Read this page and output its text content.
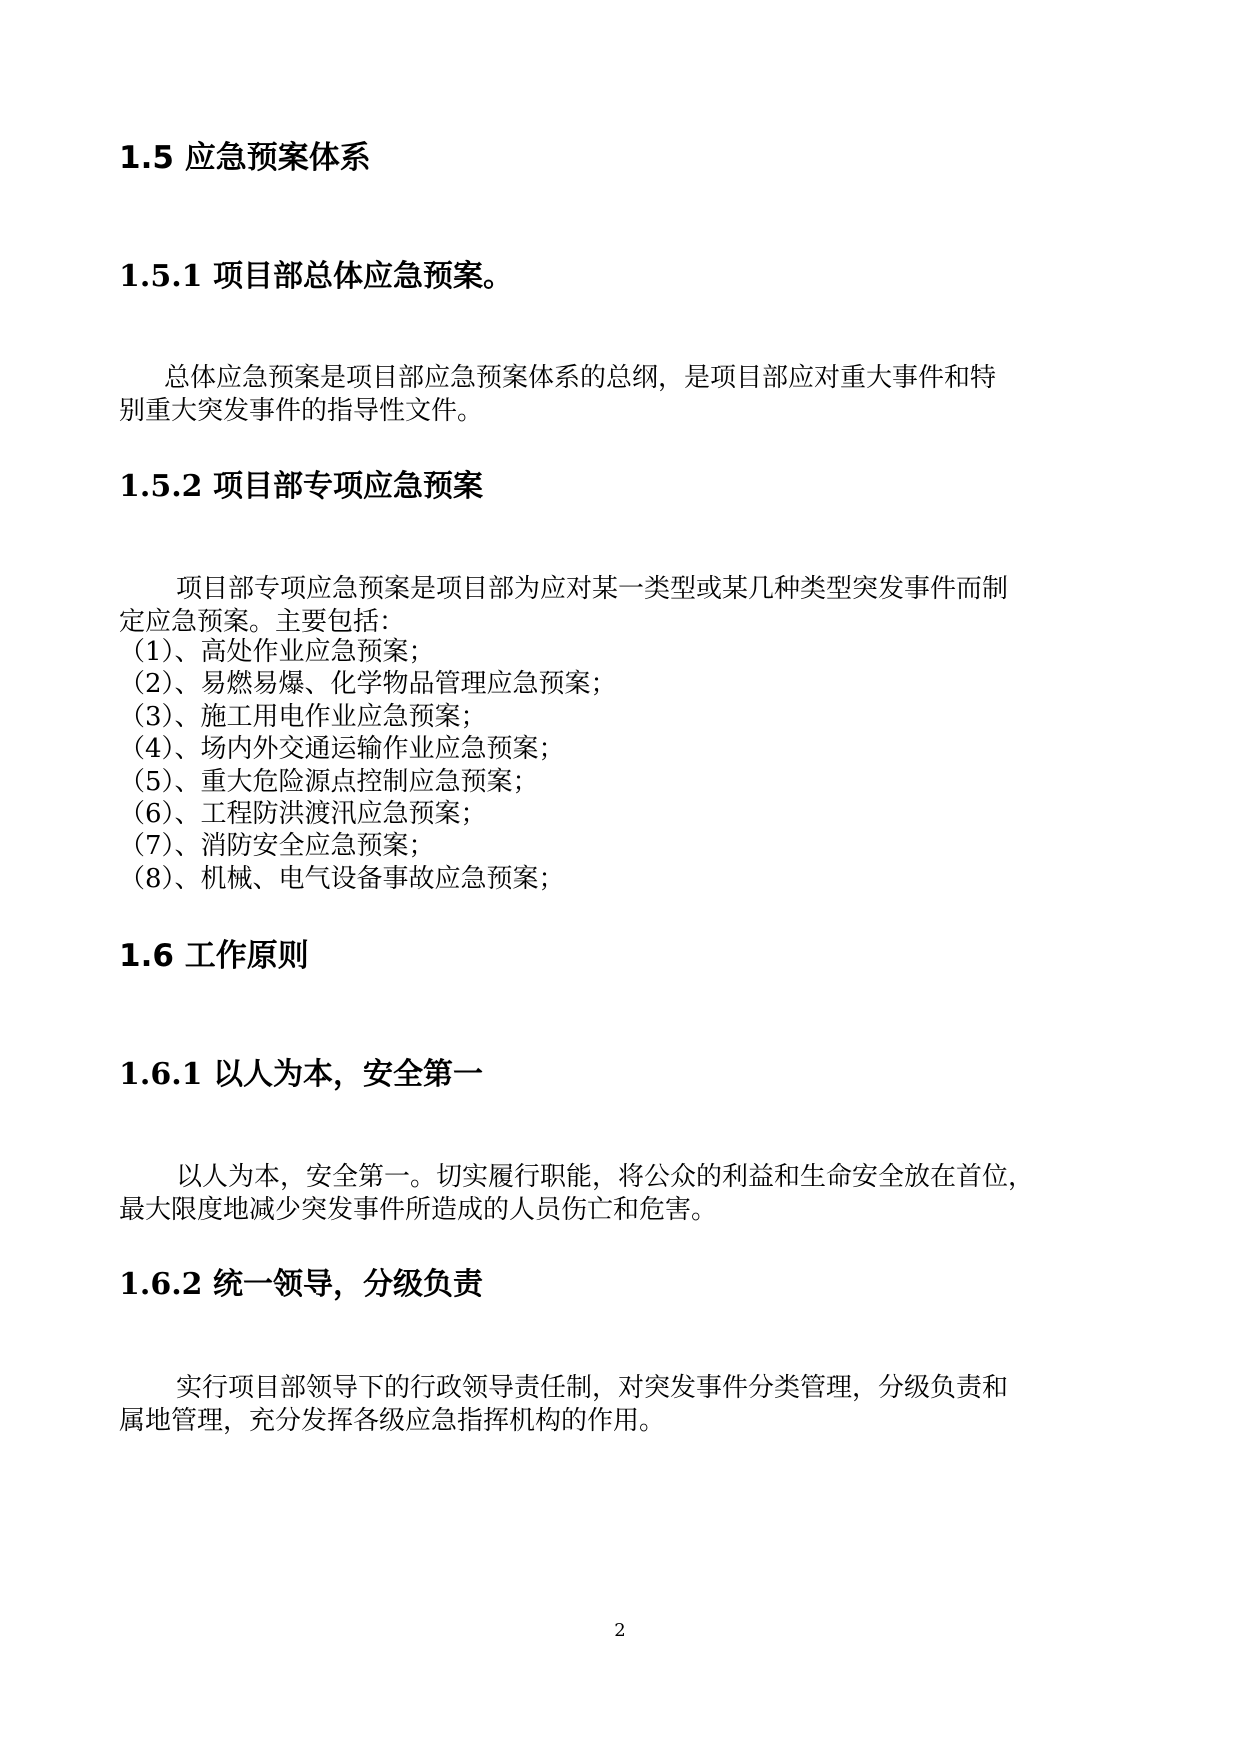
1.5 应急预案体系
1.5.1 项目部总体应急预案。

总体应急预案是项目部应急预案体系的总纲，是项目部应对重大事件和特
别重大突发事件的指导性文件。

1.5.2 项目部专项应急预案

项目部专项应急预案是项目部为应对某一类型或某几种类型突发事件而制
定应急预案。主要包括：

（1）、高处作业应急预案；
（2）、易燃易爆、化学物品管理应急预案；
（3）、施工用电作业应急预案；
（4）、场内外交通运输作业应急预案；
（5）、重大危险源点控制应急预案；
（6）、工程防洪渡汛应急预案；
（7）、消防安全应急预案；
（8）、机械、电气设备事故应急预案；
1.6 工作原则
1.6.1 以人为本，安全第一

以人为本，安全第一。切实履行职能，将公众的利益和生命安全放在首位，
最大限度地减少突发事件所造成的人员伤亡和危害。

1.6.2 统一领导，分级负责

实行项目部领导下的行政领导责任制，对突发事件分类管理，分级负责和
属地管理，充分发挥各级应急指挥机构的作用。

2
